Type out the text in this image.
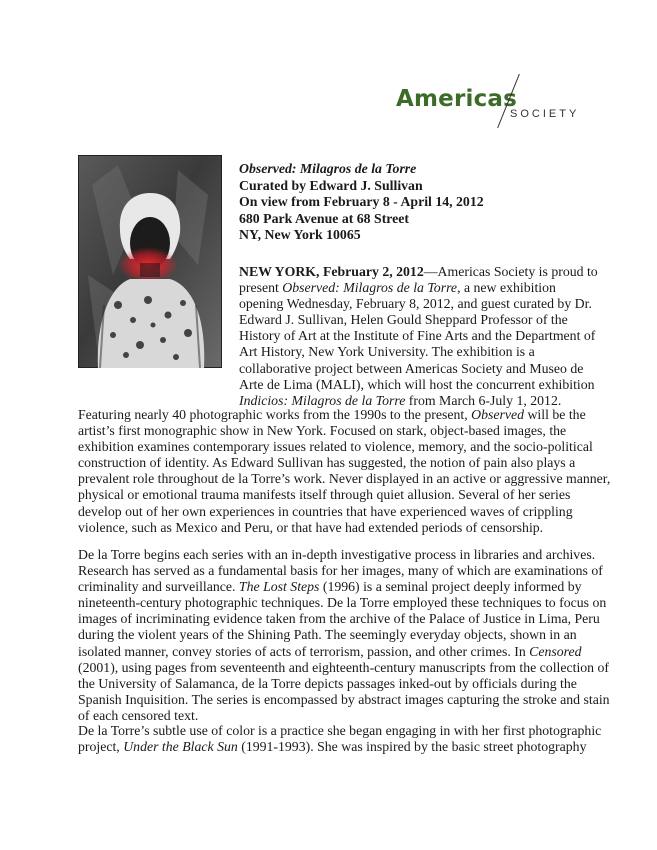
Americas
SOCIETY
Observed: Milagros de la Torre
Curated by Edward J. Sullivan
On view from February 8 - April 14, 2012
680 Park Avenue at 68 Street
NY, New York 10065
NEW YORK, February 2, 2012—Americas Society is proud to
present Observed: Milagros de la Torre, a new exhibition
opening Wednesday, February 8, 2012, and guest curated by Dr.
Edward J. Sullivan, Helen Gould Sheppard Professor of the
History of Art at the Institute of Fine Arts and the Department of
Art History, New York University. The exhibition is a
collaborative project between Americas Society and Museo de
Arte de Lima (MALI), which will host the concurrent exhibition
Indicios: Milagros de la Torre from March 6-July 1, 2012.
Featuring nearly 40 photographic works from the 1990s to the present, Observed will be the
artist’s first monographic show in New York. Focused on stark, object-based images, the
exhibition examines contemporary issues related to violence, memory, and the socio-political
construction of identity. As Edward Sullivan has suggested, the notion of pain also plays a
prevalent role throughout de la Torre’s work. Never displayed in an active or aggressive manner,
physical or emotional trauma manifests itself through quiet allusion. Several of her series
develop out of her own experiences in countries that have experienced waves of crippling
violence, such as Mexico and Peru, or that have had extended periods of censorship.
De la Torre begins each series with an in-depth investigative process in libraries and archives.
Research has served as a fundamental basis for her images, many of which are examinations of
criminality and surveillance. The Lost Steps (1996) is a seminal project deeply informed by
nineteenth-century photographic techniques. De la Torre employed these techniques to focus on
images of incriminating evidence taken from the archive of the Palace of Justice in Lima, Peru
during the violent years of the Shining Path. The seemingly everyday objects, shown in an
isolated manner, convey stories of acts of terrorism, passion, and other crimes. In Censored
(2001), using pages from seventeenth and eighteenth-century manuscripts from the collection of
the University of Salamanca, de la Torre depicts passages inked-out by officials during the
Spanish Inquisition. The series is encompassed by abstract images capturing the stroke and stain
of each censored text.
De la Torre’s subtle use of color is a practice she began engaging in with her first photographic
project, Under the Black Sun (1991-1993). She was inspired by the basic street photography
